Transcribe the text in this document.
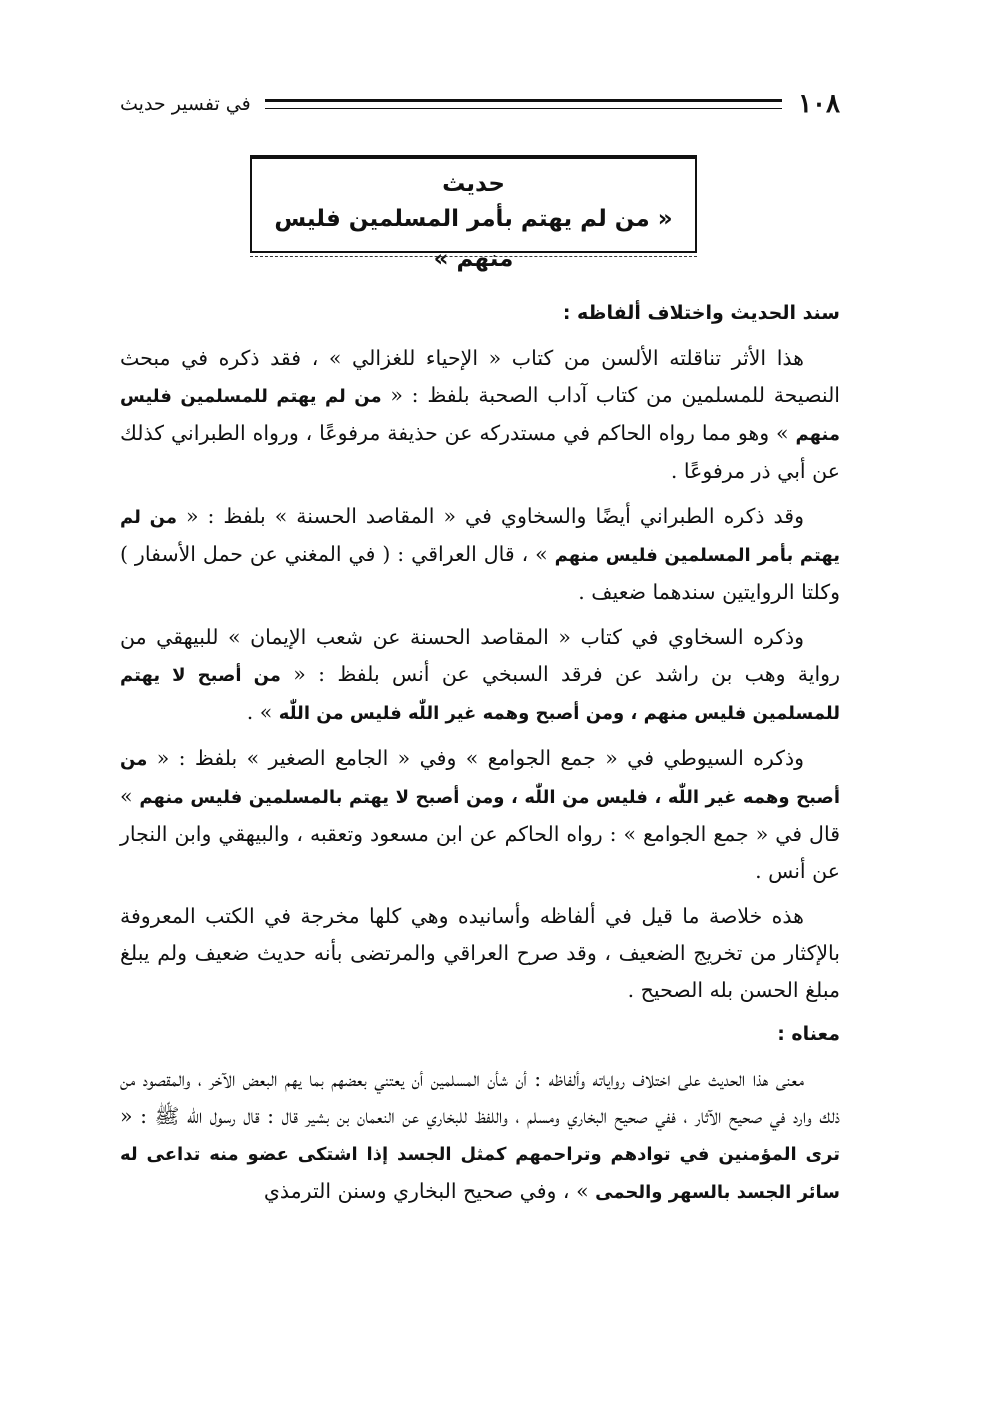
١٠٨
في تفسير حديث
حديث
« من لم يهتم بأمر المسلمين فليس منهم »
سند الحديث واختلاف ألفاظه :

هذا الأثر تناقلته الألسن من كتاب « الإحياء للغزالي » ، فقد ذكره في مبحث النصيحة للمسلمين من كتاب آداب الصحبة بلفظ : « من لم يهتم للمسلمين فليس منهم » وهو مما رواه الحاكم في مستدركه عن حذيفة مرفوعًا ، ورواه الطبراني كذلك عن أبي ذر مرفوعًا .

وقد ذكره الطبراني أيضًا والسخاوي في « المقاصد الحسنة » بلفظ : « من لم يهتم بأمر المسلمين فليس منهم » ، قال العراقي : ( في المغني عن حمل الأسفار ) وكلتا الروايتين سندهما ضعيف .

وذكره السخاوي في كتاب « المقاصد الحسنة عن شعب الإيمان » للبيهقي من رواية وهب بن راشد عن فرقد السبخي عن أنس بلفظ : « من أصبح لا يهتم للمسلمين فليس منهم ، ومن أصبح وهمه غير اللّٰه فليس من اللّٰه » .

وذكره السيوطي في « جمع الجوامع » وفي « الجامع الصغير » بلفظ : « من أصبح وهمه غير اللّٰه ، فليس من اللّٰه ، ومن أصبح لا يهتم بالمسلمين فليس منهم » قال في « جمع الجوامع » : رواه الحاكم عن ابن مسعود وتعقبه ، والبيهقي وابن النجار عن أنس .

هذه خلاصة ما قيل في ألفاظه وأسانيده وهي كلها مخرجة في الكتب المعروفة بالإكثار من تخريج الضعيف ، وقد صرح العراقي والمرتضى بأنه حديث ضعيف ولم يبلغ مبلغ الحسن بله الصحيح .

معناه :

معنى هذا الحديث على اختلاف رواياته وألفاظه : أن شأن المسلمين أن يعتني بعضهم بما يهم البعض الآخر ، والمقصود من ذلك وارد في صحيح الآثار ، ففي صحيح البخاري ومسلم ، واللفظ للبخاري عن النعمان بن بشير قال : قال رسول اللّٰه ﷺ : « ترى المؤمنين في توادهم وتراحمهم كمثل الجسد إذا اشتكى عضو منه تداعى له سائر الجسد بالسهر والحمى » ، وفي صحيح البخاري وسنن الترمذي
